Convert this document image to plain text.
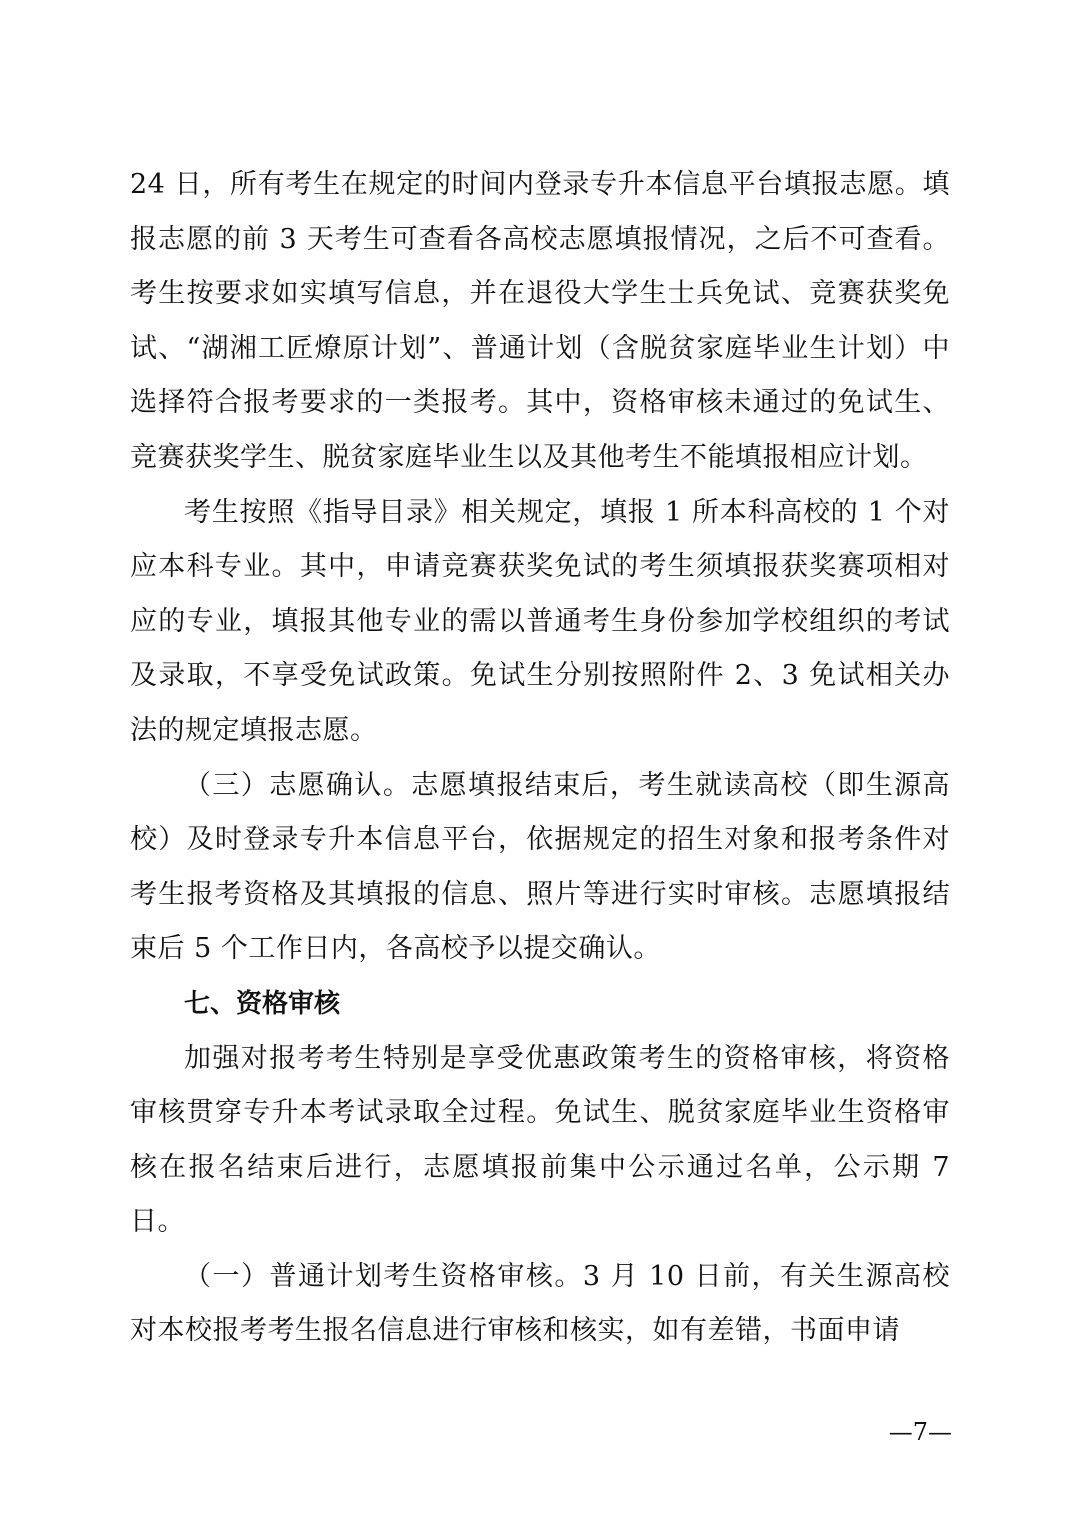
24 日，所有考生在规定的时间内登录专升本信息平台填报志愿。填报志愿的前 3 天考生可查看各高校志愿填报情况，之后不可查看。考生按要求如实填写信息，并在退役大学生士兵免试、竞赛获奖免试、“湖湘工匠燎原计划”、普通计划（含脱贫家庭毕业生计划）中选择符合报考要求的一类报考。其中，资格审核未通过的免试生、竞赛获奖学生、脱贫家庭毕业生以及其他考生不能填报相应计划。

考生按照《指导目录》相关规定，填报 1 所本科高校的 1 个对应本科专业。其中，申请竞赛获奖免试的考生须填报获奖赛项相对应的专业，填报其他专业的需以普通考生身份参加学校组织的考试及录取，不享受免试政策。免试生分别按照附件 2、3 免试相关办法的规定填报志愿。

（三）志愿确认。志愿填报结束后，考生就读高校（即生源高校）及时登录专升本信息平台，依据规定的招生对象和报考条件对考生报考资格及其填报的信息、照片等进行实时审核。志愿填报结束后 5 个工作日内，各高校予以提交确认。

七、资格审核

加强对报考考生特别是享受优惠政策考生的资格审核，将资格审核贯穿专升本考试录取全过程。免试生、脱贫家庭毕业生资格审核在报名结束后进行，志愿填报前集中公示通过名单，公示期 7 日。

（一）普通计划考生资格审核。3 月 10 日前，有关生源高校对本校报考考生报名信息进行审核和核实，如有差错，书面申请

—7—
